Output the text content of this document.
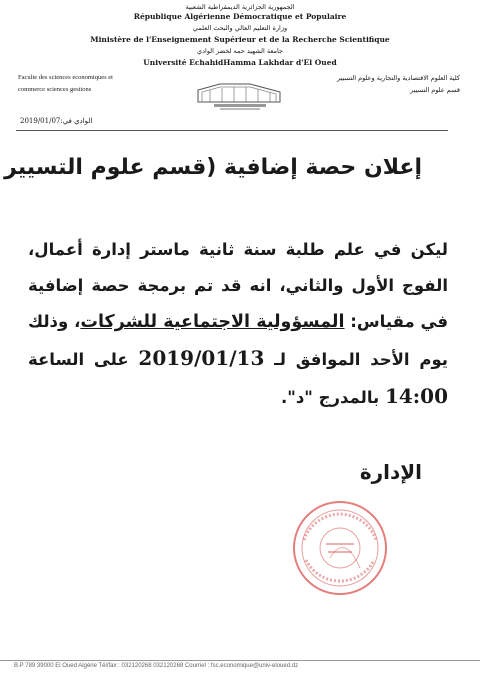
الجمهورية الجزائرية الديمقراطية الشعبية
République Algérienne Démocratique et Populaire
وزارة التعليم العالي والبحث العلمي
Ministère de l'Enseignement Supérieur et de la Recherche Scientifique
جامعة الشهيد حمه لخضر الوادي
Université EchahidHamma Lakhdar d'El Oued
Faculte des sciences economiques et
commerce sciences gestions
كلية العلوم الاقتصادية والتجارية وعلوم التسيير
قسم علوم التسيير
الوادي في:2019/01/07
إعلان حصة إضافية (قسم علوم التسيير
ليكن في علم طلبة سنة ثانية ماستر إدارة أعمال، الفوج الأول والثاني، انه قد تم برمجة حصة إضافية في مقياس: المسؤولية الاجتماعية للشركات، وذلك يوم الأحد الموافق لـ 2019/01/13 على الساعة 14:00 بالمدرج "د".
الإدارة
B.P 789 39000 El Oued Algérie Tél/fax : 032120268 032120268 Courriel : fsc.economique@univ-eloued.dz
